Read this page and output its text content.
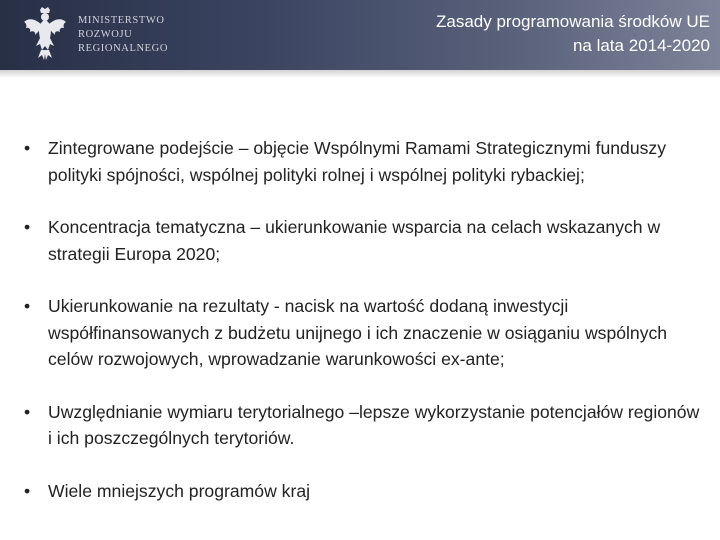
MINISTERSTWO
ROZWOJU
REGIONALNEGO
Zasady programowania środków UE
na lata 2014-2020
• Zintegrowane podejście – objęcie Wspólnymi Ramami Strategicznymi funduszy polityki spójności, wspólnej polityki rolnej i wspólnej polityki rybackiej;
• Koncentracja tematyczna – ukierunkowanie wsparcia na celach wskazanych w strategii Europa 2020;
• Ukierunkowanie na rezultaty - nacisk na wartość dodaną inwestycji współfinansowanych z budżetu unijnego i ich znaczenie w osiąganiu wspólnych celów rozwojowych, wprowadzanie warunkowości ex-ante;
• Uwzględnianie wymiaru terytorialnego –lepsze wykorzystanie potencjałów regionów i ich poszczególnych terytoriów.
• Wiele mniejszych programów kraj
